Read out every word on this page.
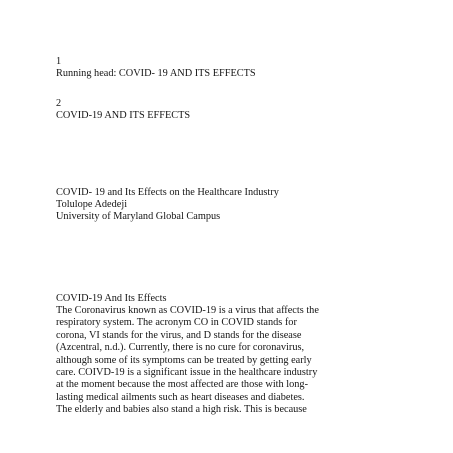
1
Running head: COVID- 19 AND ITS EFFECTS
2
COVID-19 AND ITS EFFECTS
COVID- 19 and Its Effects on the Healthcare Industry
Tolulope Adedeji
University of Maryland Global Campus
COVID-19 And Its Effects
The Coronavirus known as COVID-19 is a virus that affects the
respiratory system. The acronym CO in COVID stands for
corona, VI stands for the virus, and D stands for the disease
(Azcentral, n.d.). Currently, there is no cure for coronavirus,
although some of its symptoms can be treated by getting early
care. COIVD-19 is a significant issue in the healthcare industry
at the moment because the most affected are those with long-
lasting medical ailments such as heart diseases and diabetes.
The elderly and babies also stand a high risk. This is because
